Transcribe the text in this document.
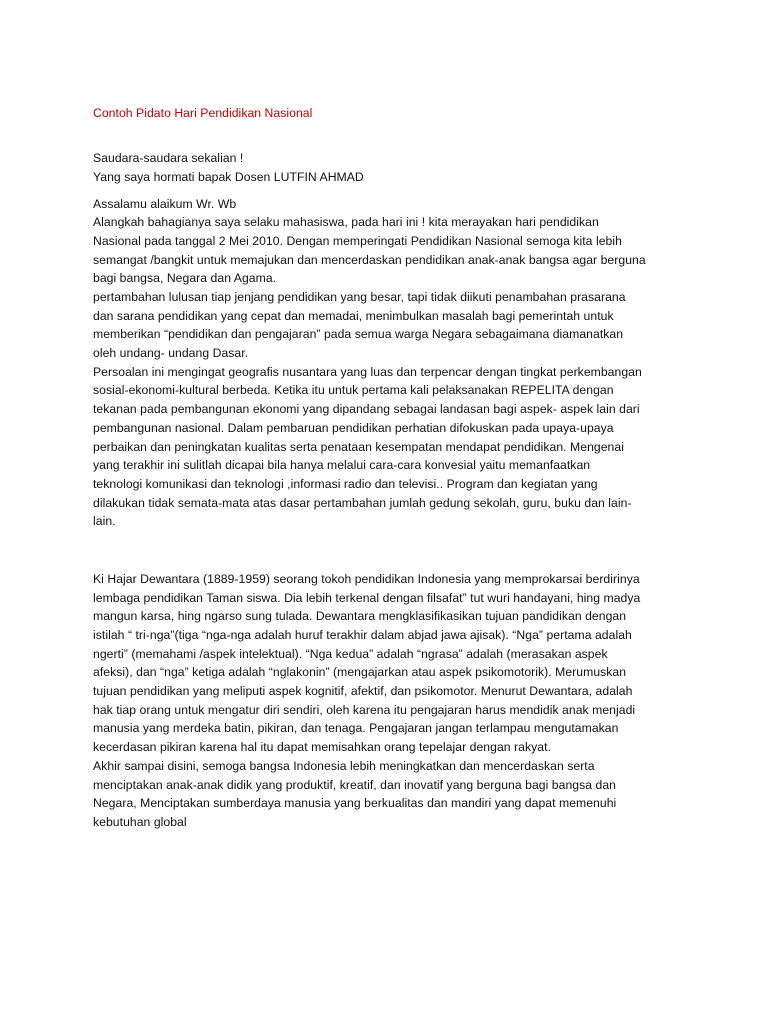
Contoh Pidato Hari Pendidikan Nasional
Saudara-saudara sekalian !
Yang saya hormati bapak Dosen LUTFIN AHMAD
Assalamu alaikum Wr. Wb
Alangkah bahagianya saya selaku mahasiswa, pada hari ini ! kita merayakan hari pendidikan
Nasional pada tanggal 2 Mei 2010. Dengan memperingati Pendidikan Nasional semoga kita lebih
semangat /bangkit untuk memajukan dan mencerdaskan pendidikan anak-anak bangsa agar berguna
bagi bangsa, Negara dan Agama.
pertambahan lulusan tiap jenjang pendidikan yang besar, tapi tidak diikuti penambahan prasarana
dan sarana pendidikan yang cepat dan memadai, menimbulkan masalah bagi pemerintah untuk
memberikan “pendidikan dan pengajaran” pada semua warga Negara sebagaimana diamanatkan
oleh undang- undang Dasar.
Persoalan ini mengingat geografis nusantara yang luas dan terpencar dengan tingkat perkembangan
sosial-ekonomi-kultural berbeda. Ketika itu untuk pertama kali pelaksanakan REPELITA dengan
tekanan pada pembangunan ekonomi yang dipandang sebagai landasan bagi aspek- aspek lain dari
pembangunan nasional. Dalam pembaruan pendidikan perhatian difokuskan pada upaya-upaya
perbaikan dan peningkatan kualitas serta penataan kesempatan mendapat pendidikan. Mengenai
yang terakhir ini sulitlah dicapai bila hanya melalui cara-cara konvesial yaitu memanfaatkan
teknologi komunikasi dan teknologi ,informasi radio dan televisi.. Program dan kegiatan yang
dilakukan tidak semata-mata atas dasar pertambahan jumlah gedung sekolah, guru, buku dan lain-
lain.
Ki Hajar Dewantara (1889-1959) seorang tokoh pendidikan Indonesia yang memprokarsai berdirinya
lembaga pendidikan Taman siswa. Dia lebih terkenal dengan filsafat” tut wuri handayani, hing madya
mangun karsa, hing ngarso sung tulada. Dewantara mengklasifikasikan tujuan pandidikan dengan
istilah “ tri-nga”(tiga “nga-nga adalah huruf terakhir dalam abjad jawa ajisak). “Nga” pertama adalah
ngerti” (memahami /aspek intelektual). “Nga kedua” adalah “ngrasa” adalah (merasakan aspek
afeksi), dan “nga” ketiga adalah “nglakonin” (mengajarkan atau aspek psikomotorik). Merumuskan
tujuan pendidikan yang meliputi aspek kognitif, afektif, dan psikomotor. Menurut Dewantara, adalah
hak tiap orang untuk mengatur diri sendiri, oleh karena itu pengajaran harus mendidik anak menjadi
manusia yang merdeka batin, pikiran, dan tenaga. Pengajaran jangan terlampau mengutamakan
kecerdasan pikiran karena hal itu dapat memisahkan orang tepelajar dengan rakyat.
Akhir sampai disini, semoga bangsa Indonesia lebih meningkatkan dan mencerdaskan serta
menciptakan anak-anak didik yang produktif, kreatif, dan inovatif yang berguna bagi bangsa dan
Negara, Menciptakan sumberdaya manusia yang berkualitas dan mandiri yang dapat memenuhi
kebutuhan global
